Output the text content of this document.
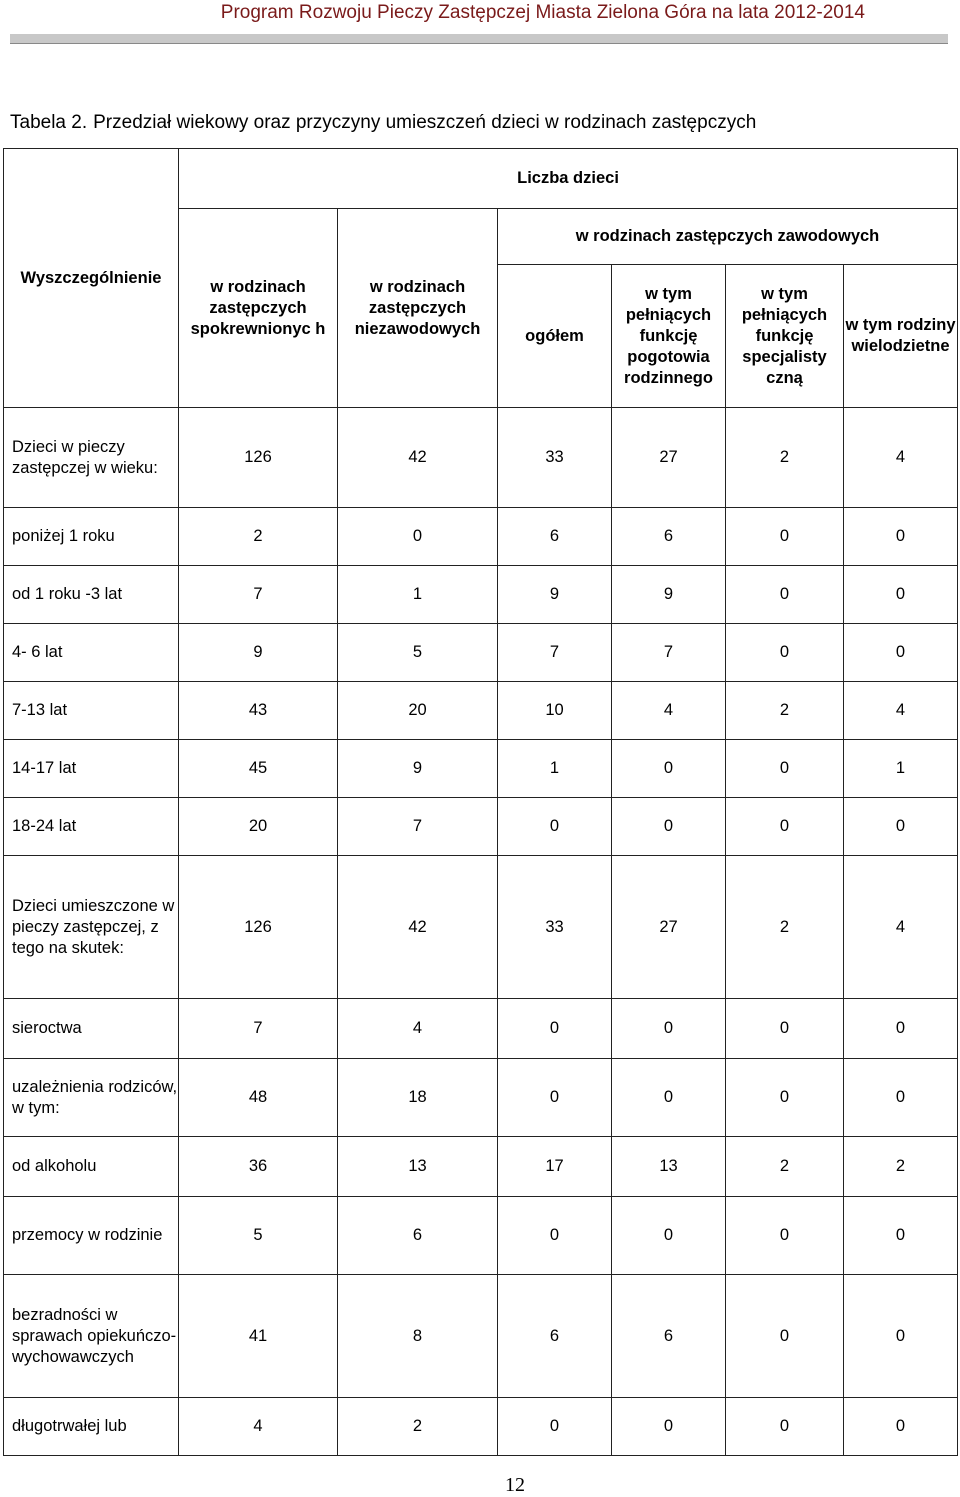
Program Rozwoju Pieczy Zastępczej Miasta Zielona Góra na lata 2012-2014
Tabela 2. Przedział wiekowy oraz przyczyny umieszczeń dzieci w rodzinach zastępczych
Wyszczególnienie	Liczba dzieci					
	w rodzinach zastępczych spokrewnionyc h	w rodzinach zastępczych niezawodowych	w rodzinach zastępczych zawodowych			
			ogółem	w tym pełniących funkcję pogotowia rodzinnego	w tym pełniących funkcję specjalisty czną	w tym rodziny wielodzietne
Dzieci w pieczy zastępczej w wieku:	126	42	33	27	2	4
poniżej 1 roku	2	0	6	6	0	0
od 1 roku -3 lat	7	1	9	9	0	0
4- 6 lat	9	5	7	7	0	0
7-13 lat	43	20	10	4	2	4
14-17 lat	45	9	1	0	0	1
18-24 lat	20	7	0	0	0	0
Dzieci umieszczone w pieczy zastępczej, z tego na skutek:	126	42	33	27	2	4
sieroctwa	7	4	0	0	0	0
uzależnienia rodziców, w tym:	48	18	0	0	0	0
od alkoholu	36	13	17	13	2	2
przemocy w rodzinie	5	6	0	0	0	0
bezradności w sprawach opiekuńczo-wychowawczych	41	8	6	6	0	0
długotrwałej lub	4	2	0	0	0	0
12
